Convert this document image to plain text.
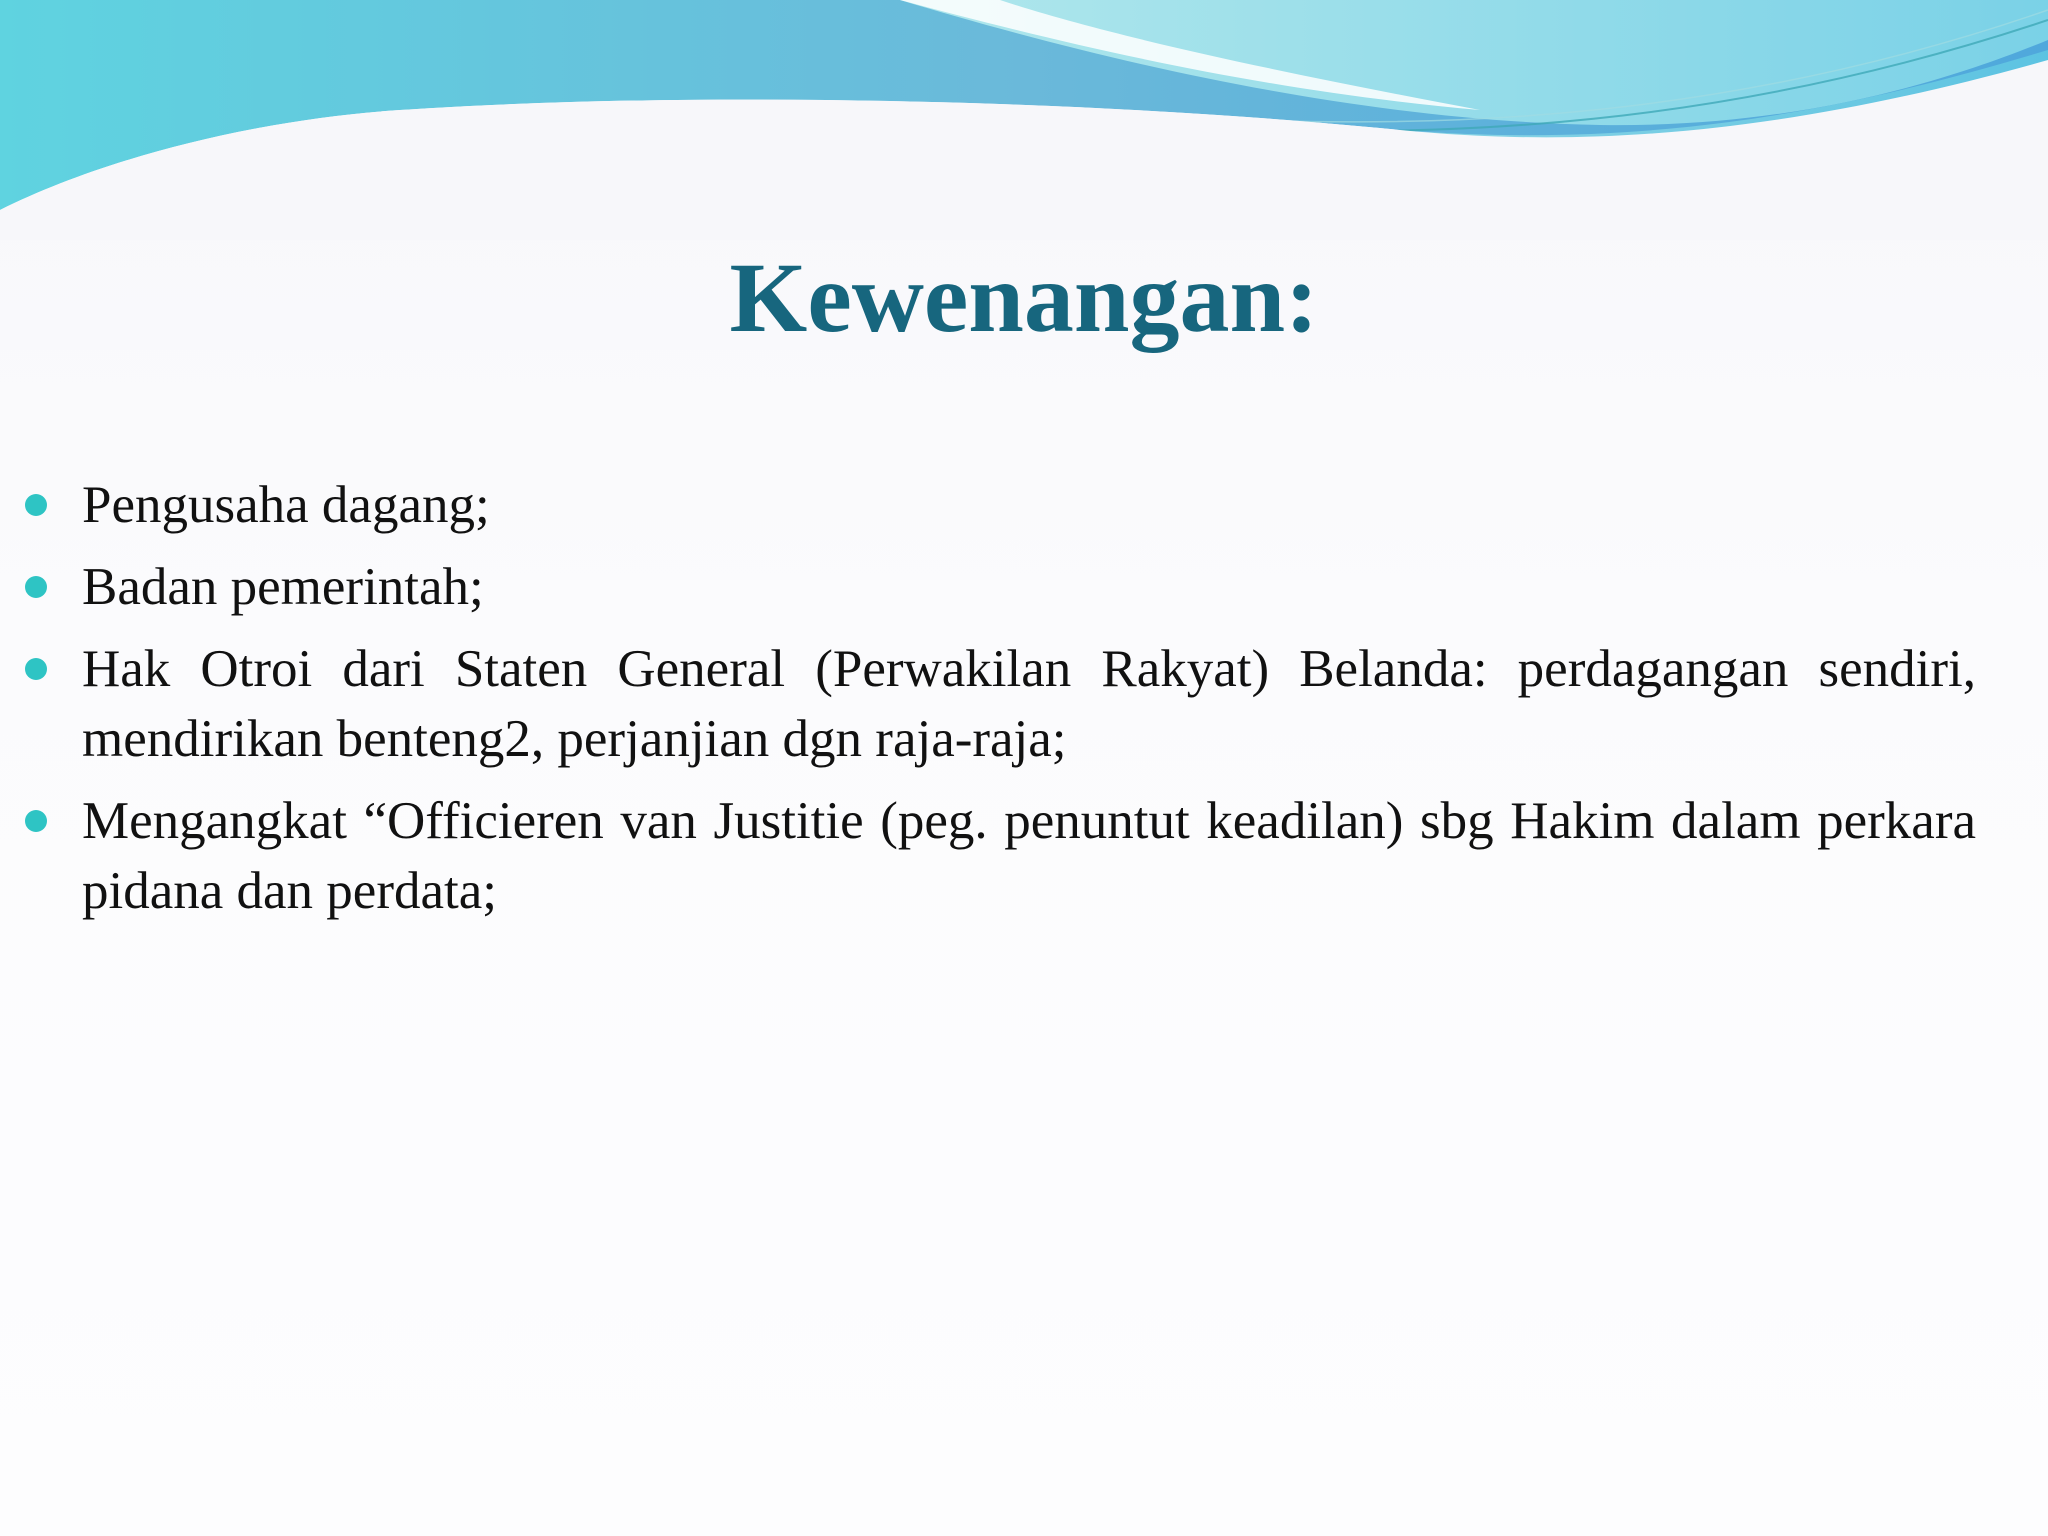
Kewenangan:
Pengusaha dagang;
Badan pemerintah;
Hak Otroi dari Staten General (Perwakilan Rakyat) Belanda: perdagangan sendiri, mendirikan benteng2, perjanjian dgn raja-raja;
Mengangkat “Officieren van Justitie (peg. penuntut keadilan) sbg Hakim dalam perkara pidana dan perdata;
